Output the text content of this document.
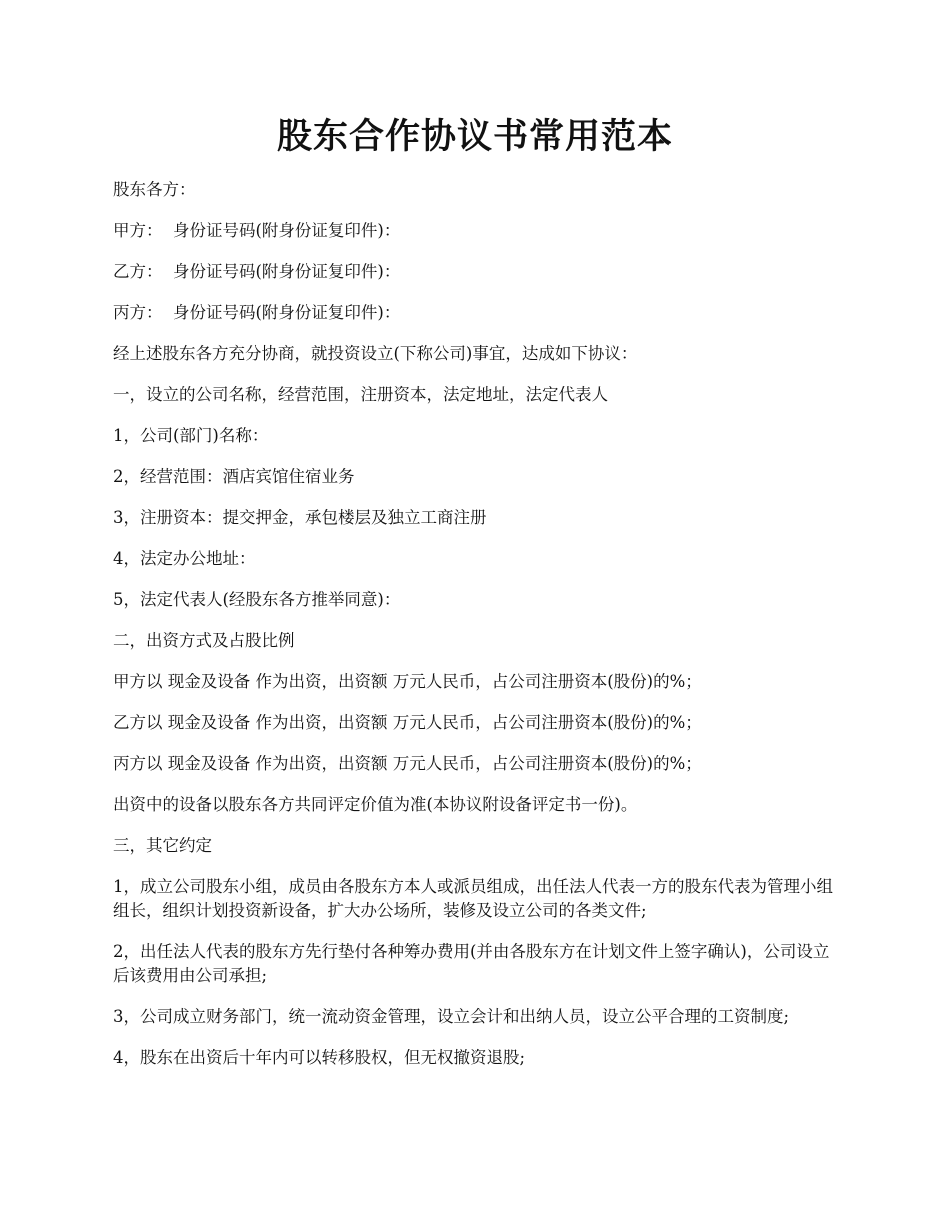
股东合作协议书常用范本

股东各方：

甲方：  身份证号码(附身份证复印件)：

乙方：  身份证号码(附身份证复印件)：

丙方：  身份证号码(附身份证复印件)：

经上述股东各方充分协商，就投资设立(下称公司)事宜，达成如下协议：

一，设立的公司名称，经营范围，注册资本，法定地址，法定代表人

1，公司(部门)名称：

2，经营范围：酒店宾馆住宿业务

3，注册资本：提交押金，承包楼层及独立工商注册

4，法定办公地址：

5，法定代表人(经股东各方推举同意)：

二，出资方式及占股比例

甲方以 现金及设备 作为出资，出资额 万元人民币，占公司注册资本(股份)的%；

乙方以 现金及设备 作为出资，出资额 万元人民币，占公司注册资本(股份)的%；

丙方以 现金及设备 作为出资，出资额 万元人民币，占公司注册资本(股份)的%；

出资中的设备以股东各方共同评定价值为准(本协议附设备评定书一份)。

三，其它约定

1，成立公司股东小组，成员由各股东方本人或派员组成，出任法人代表一方的股东代表为管理小组组长，组织计划投资新设备，扩大办公场所，装修及设立公司的各类文件;

2，出任法人代表的股东方先行垫付各种筹办费用(并由各股东方在计划文件上签字确认)，公司设立后该费用由公司承担;

3，公司成立财务部门，统一流动资金管理，设立会计和出纳人员，设立公平合理的工资制度;

4，股东在出资后十年内可以转移股权，但无权撤资退股;
